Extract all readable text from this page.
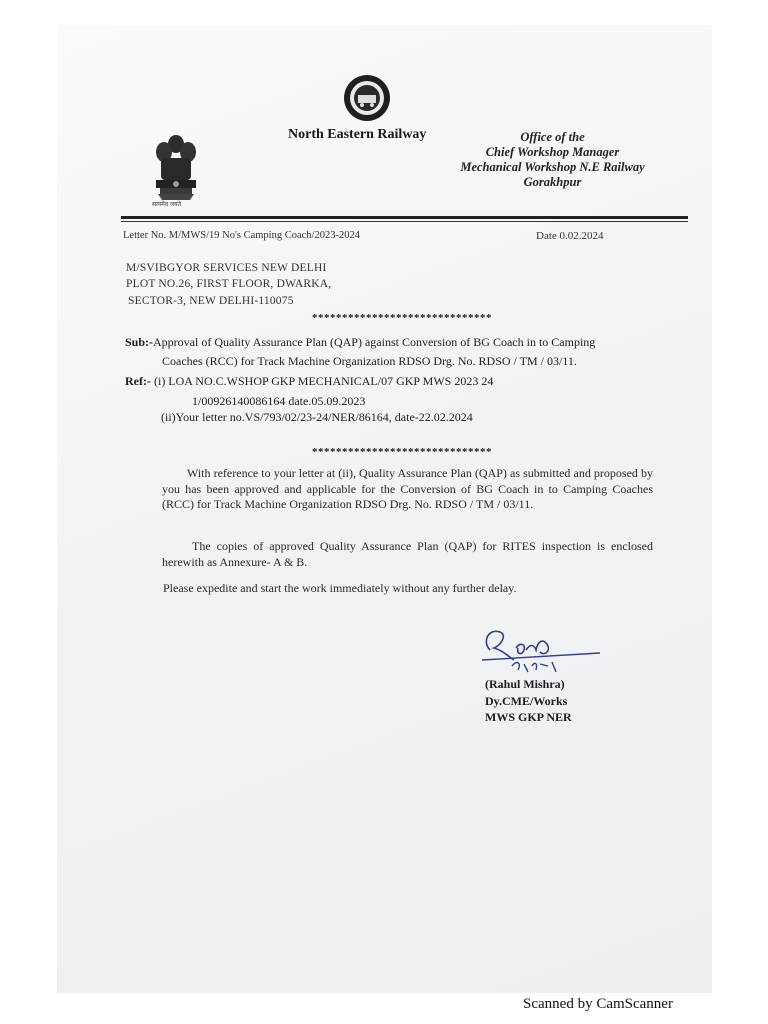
सत्यमेव जयते
North Eastern Railway	Office of the
Chief Workshop Manager
Mechanical Workshop N.E Railway
Gorakhpur
Letter No. M/MWS/19 No's Camping Coach/2023-2024	Date 0.02.2024
M/SVIBGYOR SERVICES NEW DELHI
PLOT NO.26, FIRST FLOOR, DWARKA,
SECTOR-3, NEW DELHI-110075
******************************
Sub:-Approval of Quality Assurance Plan (QAP) against Conversion of BG Coach in to Camping
Coaches (RCC) for Track Machine Organization RDSO Drg. No. RDSO / TM / 03/11.
Ref:- (i) LOA NO.C.WSHOP GKP MECHANICAL/07 GKP MWS 2023 24
1/00926140086164 date.05.09.2023
(ii)Your letter no.VS/793/02/23-24/NER/86164, date-22.02.2024
******************************
With reference to your letter at (ii), Quality Assurance Plan (QAP) as submitted and proposed by you has been approved and applicable for the Conversion of BG Coach in to Camping Coaches (RCC) for Track Machine Organization RDSO Drg. No. RDSO / TM / 03/11.
The copies of approved Quality Assurance Plan (QAP) for RITES inspection is enclosed herewith as Annexure- A & B.
Please expedite and start the work immediately without any further delay.
(Rahul Mishra)
Dy.CME/Works
MWS GKP NER
Scanned by CamScanner
